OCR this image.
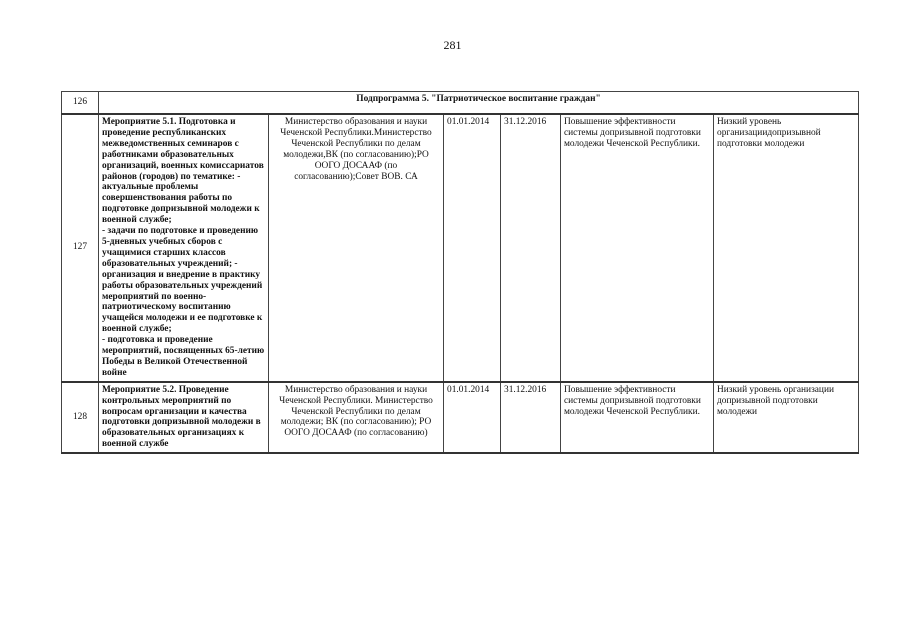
281
126	Подпрограмма 5. "Патриотическое воспитание граждан"					
127	Мероприятие 5.1. Подготовка и проведение республиканских межведомственных семинаров с работниками образовательных организаций, военных комиссариатов районов (городов) по тематике: - актуальные проблемы совершенствования работы по подготовке допризывной молодежи к военной службе;
- задачи по подготовке и проведению 5-дневных учебных сборов с учащимися старших классов образовательных учреждений; - организация и внедрение в практику работы образовательных учреждений мероприятий по военно-патриотическому воспитанию учащейся молодежи и ее подготовке к военной службе;
- подготовка и проведение мероприятий, посвященных 65-летию Победы в Великой Отечественной войне	Министерство образования и науки Чеченской Республики.Министерство Чеченской Республики по делам молодежи,ВК (по согласованию);РО ООГО ДОСААФ (по согласованию);Совет ВОВ. СА	01.01.2014	31.12.2016	Повышение эффективности системы допризывной подготовки молодежи Чеченской Республики.	Низкий уровень организациидопризывной подготовки молодежи
128	Мероприятие 5.2. Проведение контрольных мероприятий по вопросам организации и качества подготовки допризывной молодежи в образовательных организациях к военной службе	Министерство образования и науки Чеченской Республики. Министерство Чеченской Республики по делам молодежи; ВК (по согласованию); РО ООГО ДОСААФ (по согласованию)	01.01.2014	31.12.2016	Повышение эффективности системы допризывной подготовки молодежи Чеченской Республики.	Низкий уровень организации допризывной подготовки молодежи
